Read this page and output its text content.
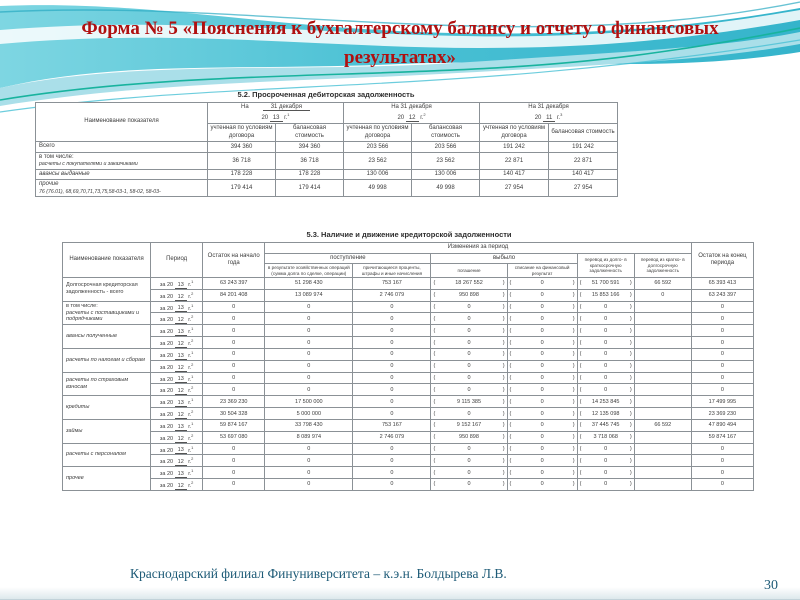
Форма № 5 «Пояснения к бухгалтерскому балансу и отчету о финансовых результатах»
5.2. Просроченная дебиторская задолженность
Наименование показателя	
На	31 декабря
20 13 г.$^1$

На 31 декабря
20 12 г.$^2$

На 31 декабря
20 11 г.$^3$

	учтенная по условиям договора	балансовая стоимость	учтенная по условиям договора	балансовая стоимость	учтенная по условиям договора	балансовая стоимость

Всего	394 360	394 360	203 566	203 566	191 242	191 242

в том числе:
расчеты с покупателями и заказчиками	36 718	36 718	23 562	23 562	22 871	22 871

авансы выданные	178 228	178 228	130 006	130 006	140 417	140 417

прочие
76 (76.01), 68,69,70,71,73,75,58-03-1, 58-02, 58-03-	179 414	179 414	49 998	49 998	27 954	27 954
5.3. Наличие и движение кредиторской задолженности
Наименование показателя	Период	Остаток на начало года	Изменения за период						Остаток на конец периода
			поступление		выбыло		перевод из долго- в краткосрочную задолженность	перевод из кратко- в долгосрочную задолженность	
			в результате хозяйственных операций (сумма долга по сделке, операции)	причитающиеся проценты, штрафы и иные начисления	погашение	списание на финансовый результат			

Долгосрочная кредиторская задолженность - всего	за 20 13 г.$^1$	63 243 397	51 298 430	753 167	( 18 267 552 )	( 0 )	( 51 700 591 )	66 592	65 393 413
	за 20 12 г.$^2$	84 201 408	13 089 974	2 746 079	( 950 898 )	( 0 )	( 15 853 166 )	0	63 243 397

в том числе:
расчеты с поставщиками и подрядчиками
	за 20 13 г.$^1$	0	0	0	(	0	)	(	0	)	(	0	)		0
	за 20 12 г.$^2$	0	0	0	( 0 )	( 0 )	( 0 )		0

авансы полученные	за 20 13 г.$^1$	0	0	0	( 0 )	( 0 )	( 0 )		0
	за 20 12 г.$^2$	0	0	0	( 0 )	( 0 )	( 0 )		0

расчеты по налогам и сборам	за 20 13 г.$^1$	0	0	0	( 0 )	( 0 )	( 0 )		0
	за 20 12 г.$^2$	0	0	0	( 0 )	( 0 )	( 0 )		0

расчеты по страховым взносам	за 20 13 г.$^1$	0	0	0	( 0 )	( 0 )	( 0 )		0
	за 20 12 г.$^2$	0	0	0	( 0 )	( 0 )	( 0 )		0

кредиты	за 20 13 г.$^1$	23 369 230	17 500 000	0	( 9 115 385 )	( 0 )	( 14 253 845 )		17 499 995
	за 20 12 г.$^2$	30 504 328	5 000 000	0	( 0 )	( 0 )	( 12 135 098 )		23 369 230

займы	за 20 13 г.$^1$	59 874 167	33 798 430	753 167	( 9 152 167 )	( 0 )	( 37 445 745 )	66 592	47 890 494
	за 20 12 г.$^2$	53 697 080	8 089 974	2 746 079	( 950 898 )	( 0 )	( 3 718 068 )		59 874 167

расчеты с персоналом	за 20 13 г.$^1$	0	0	0	( 0 )	( 0 )	( 0 )		0
	за 20 12 г.$^2$	0	0	0	( 0 )	( 0 )	( 0 )		0

прочее	за 20 13 г.$^1$	0	0	0	( 0 )	( 0 )	( 0 )		0
	за 20 12 г.$^2$	0	0	0	( 0 )	( 0 )	( 0 )		0
Краснодарский филиал Финуниверситета – к.э.н. Болдырева Л.В.
30
